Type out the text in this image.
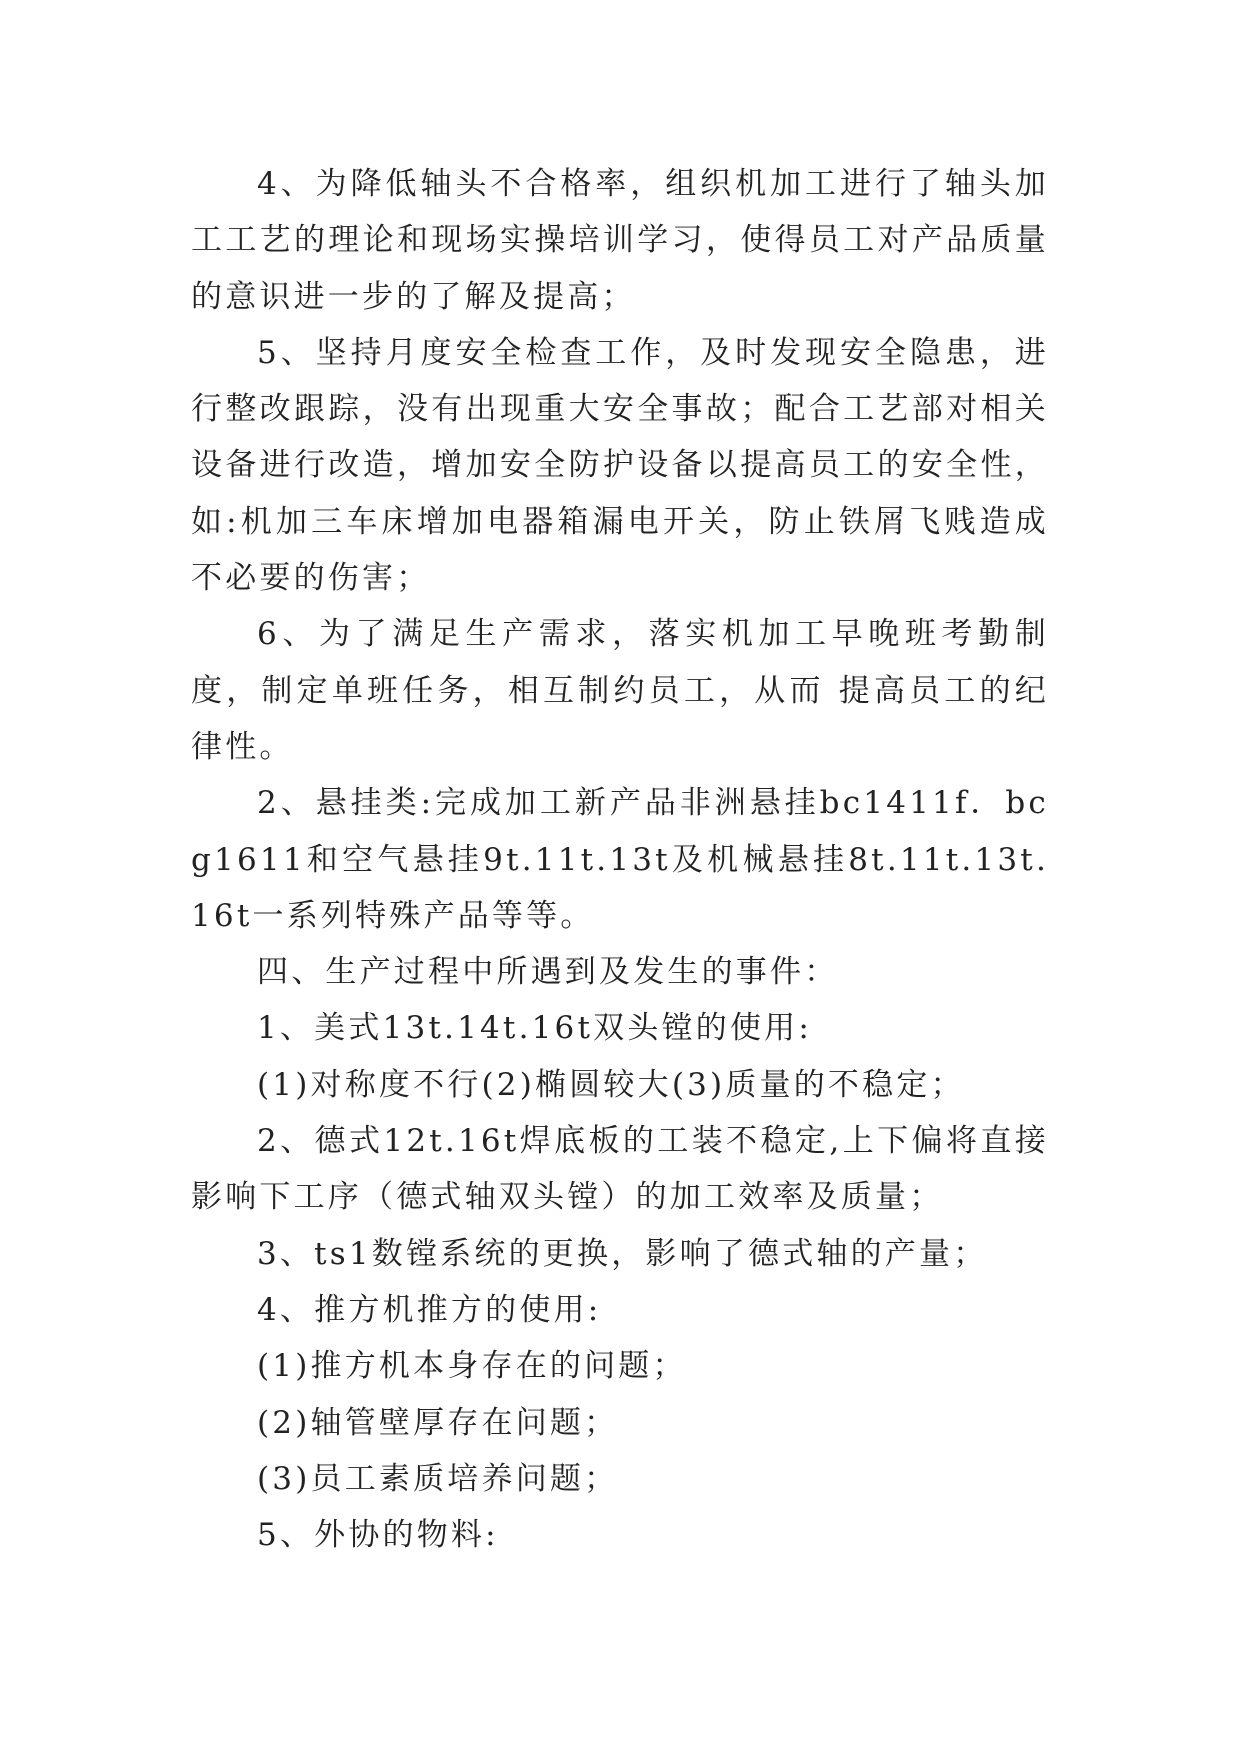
4、为降低轴头不合格率，组织机加工进行了轴头加工工艺的理论和现场实操培训学习，使得员工对产品质量的意识进一步的了解及提高；

5、坚持月度安全检查工作，及时发现安全隐患，进行整改跟踪，没有出现重大安全事故；配合工艺部对相关设备进行改造，增加安全防护设备以提高员工的安全性，如:机加三车床增加电器箱漏电开关，防止铁屑飞贱造成不必要的伤害；

6、为了满足生产需求，落实机加工早晚班考勤制度，制定单班任务，相互制约员工，从而 提高员工的纪律性。

2、悬挂类:完成加工新产品非洲悬挂bc1411f．bcg1611和空气悬挂9t.11t.13t及机械悬挂8t.11t.13t.16t一系列特殊产品等等。

四、生产过程中所遇到及发生的事件：

1、美式13t.14t.16t双头镗的使用:

(1)对称度不行(2)椭圆较大(3)质量的不稳定；

2、德式12t.16t焊底板的工装不稳定,上下偏将直接影响下工序（德式轴双头镗）的加工效率及质量；

3、ts1数镗系统的更换，影响了德式轴的产量；

4、推方机推方的使用:

(1)推方机本身存在的问题；

(2)轴管壁厚存在问题；

(3)员工素质培养问题；

5、外协的物料:
